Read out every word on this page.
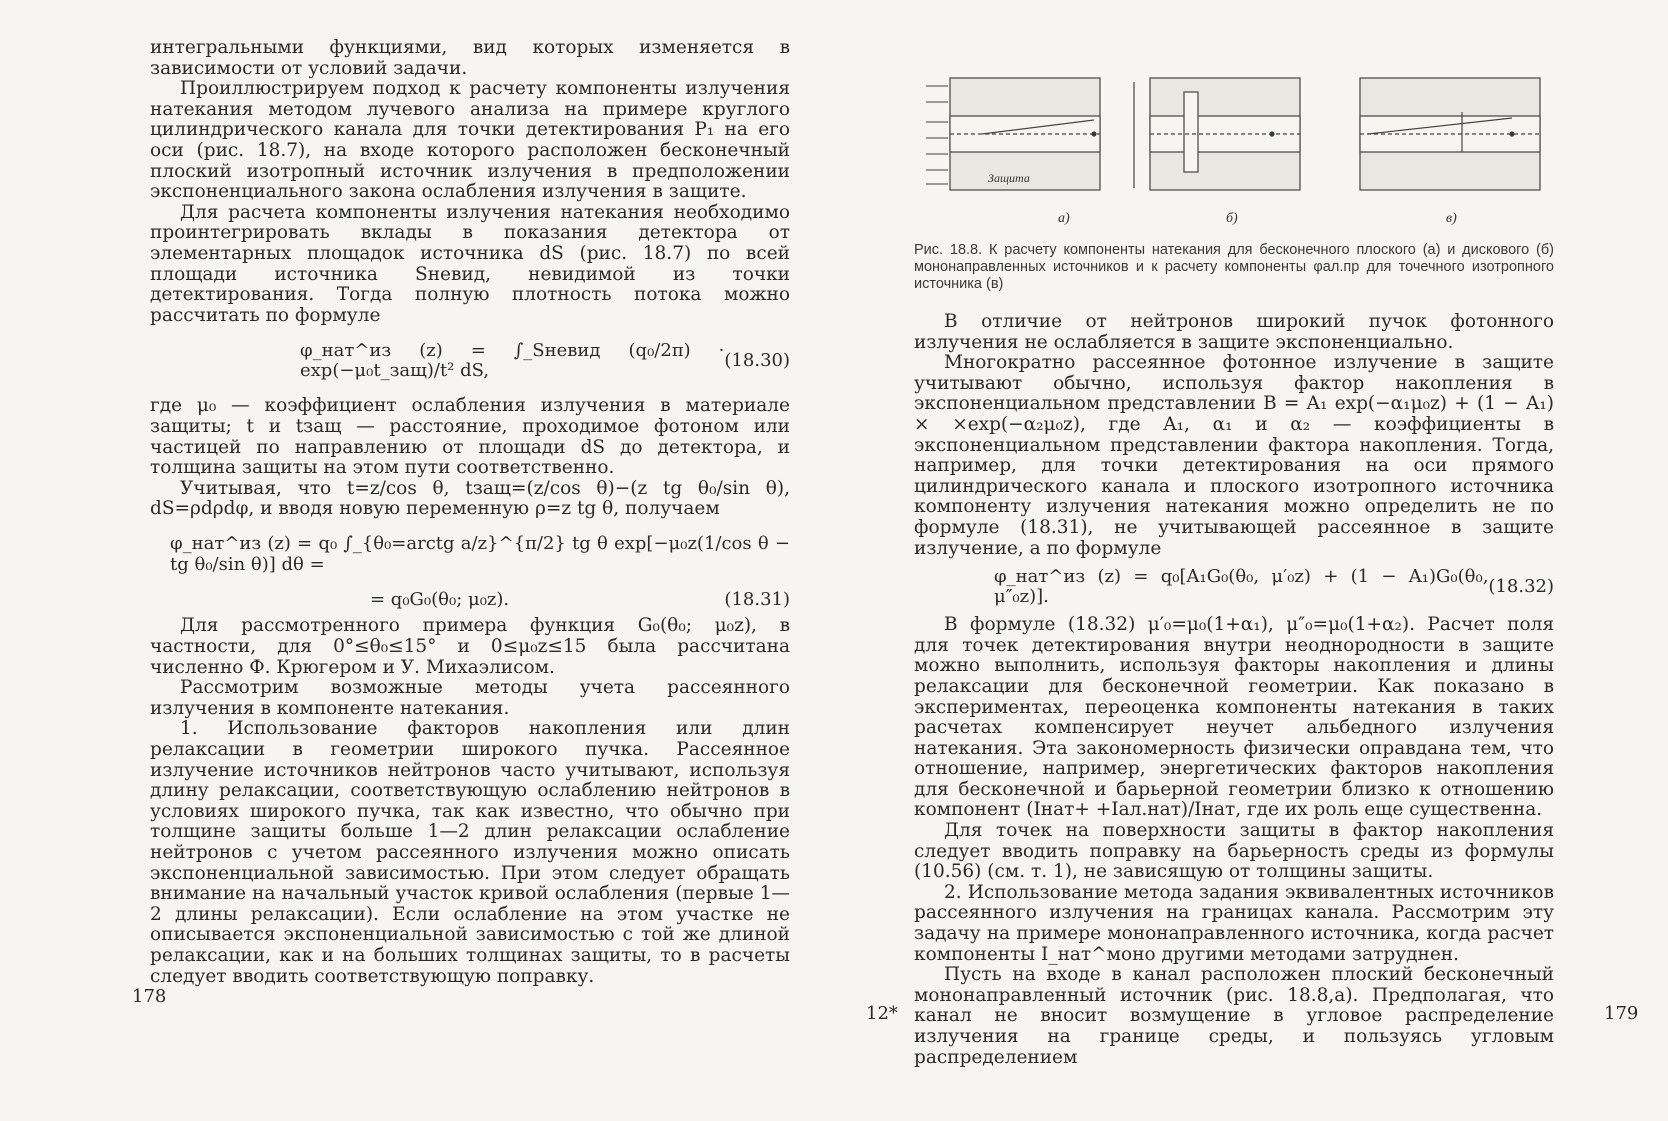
интегральными функциями, вид которых изменяется в зависимости от условий задачи.

Проиллюстрируем подход к расчету компоненты излучения натекания методом лучевого анализа на примере круглого цилиндрического канала для точки детектирования P₁ на его оси (рис. 18.7), на входе которого расположен бесконечный плоский изотропный источник излучения в предположении экспоненциального закона ослабления излучения в защите.

Для расчета компоненты излучения натекания необходимо проинтегрировать вклады в показания детектора от элементарных площадок источника dS (рис. 18.7) по всей площади источника Sневид, невидимой из точки детектирования. Тогда полную плотность потока можно рассчитать по формуле

φ_нат^из (z) = ∫_Sневид (q₀/2π) · exp(−μ₀t_защ)/t² dS,	(18.30)

где μ₀ — коэффициент ослабления излучения в материале защиты; t и tзащ — расстояние, проходимое фотоном или частицей по направлению от площади dS до детектора, и толщина защиты на этом пути соответственно.

Учитывая, что t=z/cos θ, tзащ=(z/cos θ)−(z tg θ₀/sin θ), dS=ρdρdφ, и вводя новую переменную ρ=z tg θ, получаем

φ_нат^из (z) = q₀ ∫_{θ₀=arctg a/z}^{π/2} tg θ exp[−μ₀z(1/cos θ − tg θ₀/sin θ)] dθ =
= q₀G₀(θ₀; μ₀z).	(18.31)

Для рассмотренного примера функция G₀(θ₀; μ₀z), в частности, для 0°≤θ₀≤15° и 0≤μ₀z≤15 была рассчитана численно Ф. Крюгером и У. Михаэлисом.

Рассмотрим возможные методы учета рассеянного излучения в компоненте натекания.

1. Использование факторов накопления или длин релаксации в геометрии широкого пучка. Рассеянное излучение источников нейтронов часто учитывают, используя длину релаксации, соответствующую ослаблению нейтронов в условиях широкого пучка, так как известно, что обычно при толщине защиты больше 1—2 длин релаксации ослабление нейтронов с учетом рассеянного излучения можно описать экспоненциальной зависимостью. При этом следует обращать внимание на начальный участок кривой ослабления (первые 1—2 длины релаксации). Если ослабление на этом участке не описывается экспоненциальной зависимостью с той же длиной релаксации, как и на больших толщинах защиты, то в расчеты следует вводить соответствующую поправку.

178
а)	б)	в)
Защита
Рис. 18.8. К расчету компоненты натекания для бесконечного плоского (а) и дискового (б) мононаправленных источников и к расчету компоненты φал.пр для точечного изотропного источника (в)

В отличие от нейтронов широкий пучок фотонного излучения не ослабляется в защите экспоненциально.

Многократно рассеянное фотонное излучение в защите учитывают обычно, используя фактор накопления в экспоненциальном представлении B = A₁ exp(−α₁μ₀z) + (1 − A₁) × ×exp(−α₂μ₀z), где A₁, α₁ и α₂ — коэффициенты в экспоненциальном представлении фактора накопления. Тогда, например, для точки детектирования на оси прямого цилиндрического канала и плоского изотропного источника компоненту излучения натекания можно определить не по формуле (18.31), не учитывающей рассеянное в защите излучение, а по формуле

φ_нат^из (z) = q₀[A₁G₀(θ₀, μ′₀z) + (1 − A₁)G₀(θ₀, μ″₀z)].	(18.32)

В формуле (18.32) μ′₀=μ₀(1+α₁), μ″₀=μ₀(1+α₂). Расчет поля для точек детектирования внутри неоднородности в защите можно выполнить, используя факторы накопления и длины релаксации для бесконечной геометрии. Как показано в экспериментах, переоценка компоненты натекания в таких расчетах компенсирует неучет альбедного излучения натекания. Эта закономерность физически оправдана тем, что отношение, например, энергетических факторов накопления для бесконечной и барьерной геометрии близко к отношению компонент (Iнат+ +Iал.нат)/Iнат, где их роль еще существенна.

Для точек на поверхности защиты в фактор накопления следует вводить поправку на барьерность среды из формулы (10.56) (см. т. 1), не зависящую от толщины защиты.

2. Использование метода задания эквивалентных источников рассеянного излучения на границах канала. Рассмотрим эту задачу на примере мононаправленного источника, когда расчет компоненты I_нат^моно другими методами затруднен.

Пусть на входе в канал расположен плоский бесконечный мононаправленный источник (рис. 18.8,а). Предполагая, что канал не вносит возмущение в угловое распределение излучения на границе среды, и пользуясь угловым распределением

12*	179
